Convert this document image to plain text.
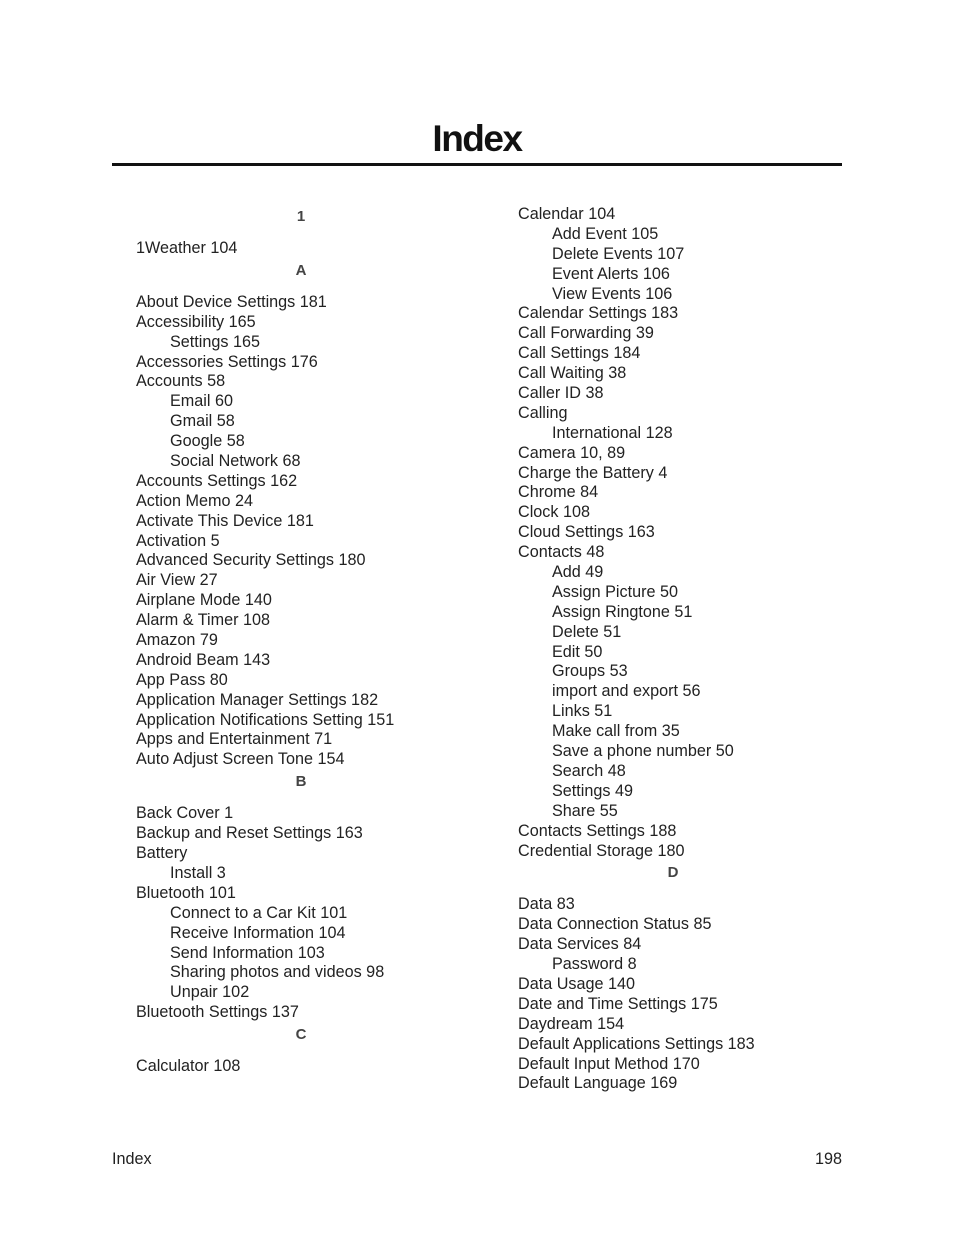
Index
1
1Weather 104
A
About Device Settings 181
Accessibility 165
Settings 165
Accessories Settings 176
Accounts 58
Email 60
Gmail 58
Google 58
Social Network 68
Accounts Settings 162
Action Memo 24
Activate This Device 181
Activation 5
Advanced Security Settings 180
Air View 27
Airplane Mode 140
Alarm & Timer 108
Amazon 79
Android Beam 143
App Pass 80
Application Manager Settings 182
Application Notifications Setting 151
Apps and Entertainment 71
Auto Adjust Screen Tone 154
B
Back Cover 1
Backup and Reset Settings 163
Battery
Install 3
Bluetooth 101
Connect to a Car Kit 101
Receive Information 104
Send Information 103
Sharing photos and videos 98
Unpair 102
Bluetooth Settings 137
C
Calculator 108
Calendar 104
Add Event 105
Delete Events 107
Event Alerts 106
View Events 106
Calendar Settings 183
Call Forwarding 39
Call Settings 184
Call Waiting 38
Caller ID 38
Calling
International 128
Camera 10, 89
Charge the Battery 4
Chrome 84
Clock 108
Cloud Settings 163
Contacts 48
Add 49
Assign Picture 50
Assign Ringtone 51
Delete 51
Edit 50
Groups 53
import and export 56
Links 51
Make call from 35
Save a phone number 50
Search 48
Settings 49
Share 55
Contacts Settings 188
Credential Storage 180
D
Data 83
Data Connection Status 85
Data Services 84
Password 8
Data Usage 140
Date and Time Settings 175
Daydream 154
Default Applications Settings 183
Default Input Method 170
Default Language 169
Index	198
